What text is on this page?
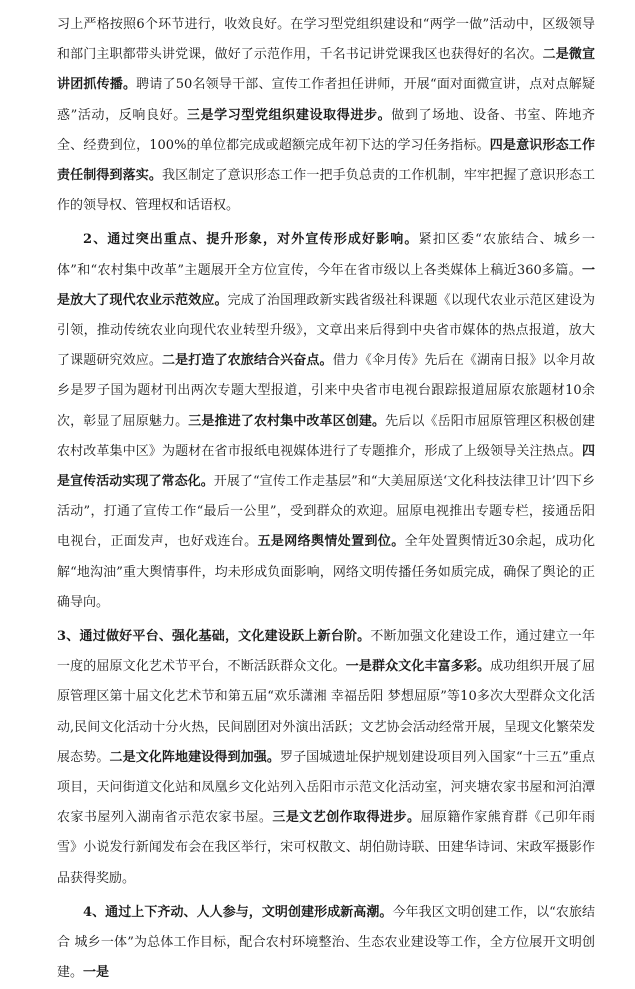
习上严格按照6个环节进行，收效良好。在学习型党组织建设和“两学一做”活动中，区级领导和部门主职都带头讲党课，做好了示范作用，千名书记讲党课我区也获得好的名次。二是微宣讲团抓传播。聘请了50名领导干部、宣传工作者担任讲师，开展“面对面微宣讲，点对点解疑惑”活动，反响良好。三是学习型党组织建设取得进步。做到了场地、设备、书室、阵地齐全、经费到位，100%的单位都完成或超额完成年初下达的学习任务指标。四是意识形态工作责任制得到落实。我区制定了意识形态工作一把手负总责的工作机制，牢牢把握了意识形态工作的领导权、管理权和话语权。

2、通过突出重点、提升形象，对外宣传形成好影响。紧扣区委“农旅结合、城乡一体”和“农村集中改革”主题展开全方位宣传，今年在省市级以上各类媒体上稿近360多篇。一是放大了现代农业示范效应。完成了治国理政新实践省级社科课题《以现代农业示范区建设为引领，推动传统农业向现代农业转型升级》，文章出来后得到中央省市媒体的热点报道，放大了课题研究效应。二是打造了农旅结合兴奋点。借力《伞月传》先后在《湖南日报》以伞月故乡是罗子国为题材刊出两次专题大型报道，引来中央省市电视台跟踪报道屈原农旅题材10余次，彰显了屈原魅力。三是推进了农村集中改革区创建。先后以《岳阳市屈原管理区积极创建农村改革集中区》为题材在省市报纸电视媒体进行了专题推介，形成了上级领导关注热点。四是宣传活动实现了常态化。开展了“宣传工作走基层”和“大美屈原送‘文化科技法律卫计’四下乡活动”，打通了宣传工作“最后一公里”，受到群众的欢迎。屈原电视推出专题专栏，接通岳阳电视台，正面发声，也好戏连台。五是网络舆情处置到位。全年处置舆情近30余起，成功化解“地沟油”重大舆情事件，均未形成负面影响，网络文明传播任务如质完成，确保了舆论的正确导向。

3、通过做好平台、强化基础，文化建设跃上新台阶。不断加强文化建设工作，通过建立一年一度的屈原文化艺术节平台，不断活跃群众文化。一是群众文化丰富多彩。成功组织开展了屈原管理区第十届文化艺术节和第五届“欢乐潇湘 幸福岳阳 梦想屈原”等10多次大型群众文化活动,民间文化活动十分火热，民间剧团对外演出活跃；文艺协会活动经常开展，呈现文化繁荣发展态势。二是文化阵地建设得到加强。罗子国城遗址保护规划建设项目列入国家“十三五”重点项目，天问街道文化站和凤凰乡文化站列入岳阳市示范文化活动室，河夹塘农家书屋和河泊潭农家书屋列入湖南省示范农家书屋。三是文艺创作取得进步。屈原籍作家熊育群《己卯年雨雪》小说发行新闻发布会在我区举行，宋可权散文、胡伯勋诗联、田建华诗词、宋政军摄影作品获得奖励。

4、通过上下齐动、人人参与，文明创建形成新高潮。今年我区文明创建工作，以“农旅结合 城乡一体”为总体工作目标，配合农村环境整治、生态农业建设等工作，全方位展开文明创建。一是
